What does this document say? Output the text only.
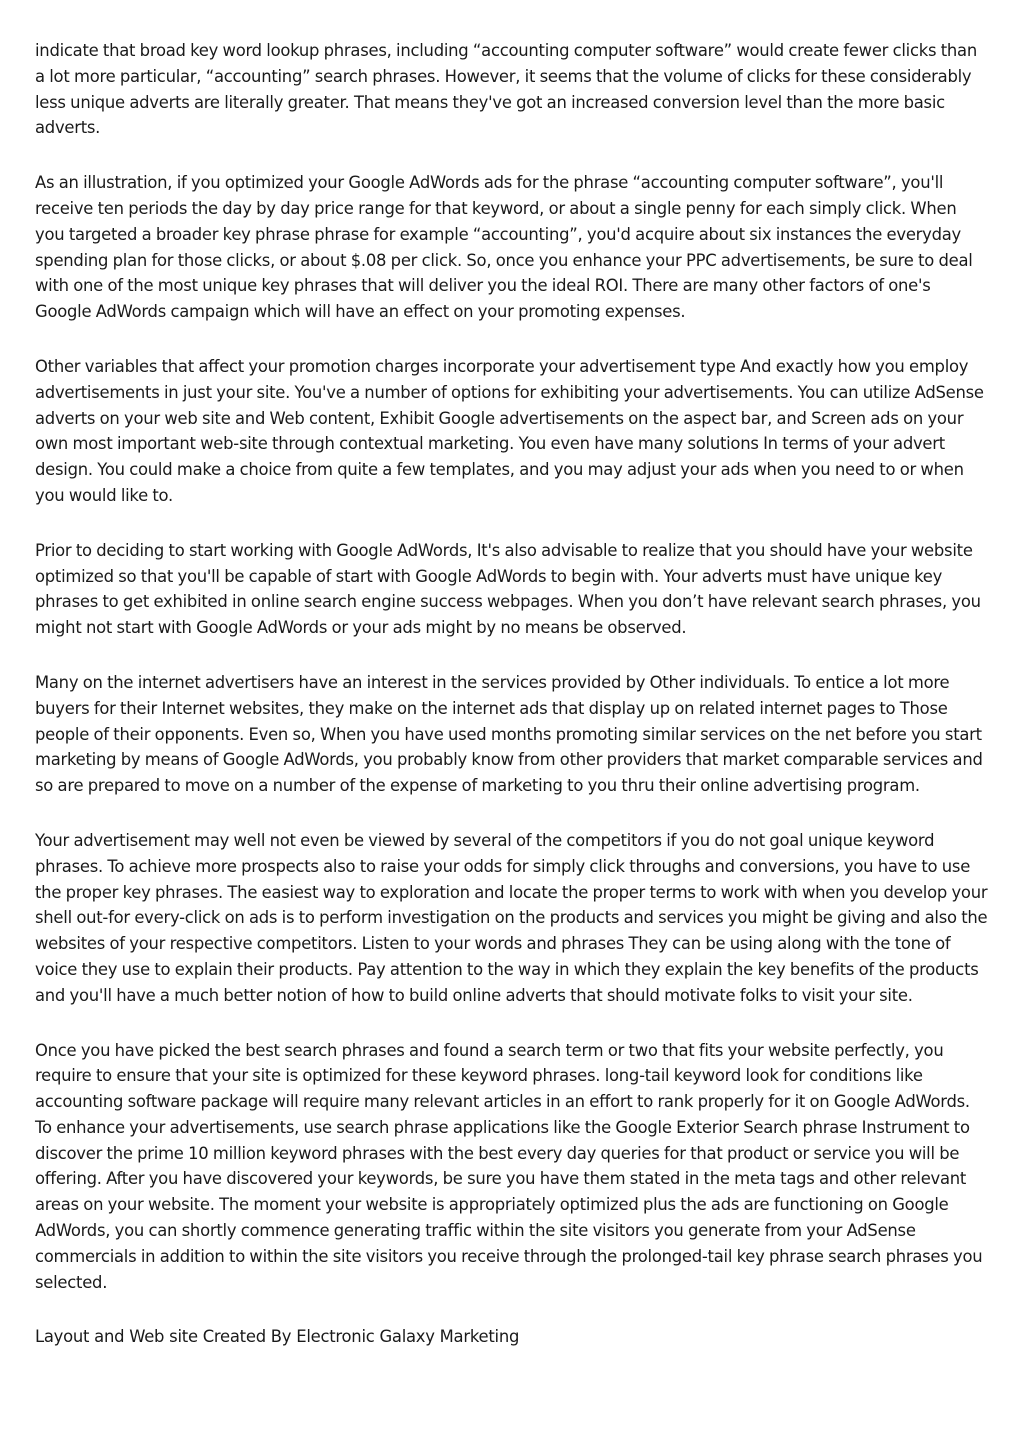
indicate that broad key word lookup phrases, including “accounting computer software” would create fewer clicks than a lot more particular, “accounting” search phrases. However, it seems that the volume of clicks for these considerably less unique adverts are literally greater. That means they've got an increased conversion level than the more basic adverts.

As an illustration, if you optimized your Google AdWords ads for the phrase “accounting computer software”, you'll receive ten periods the day by day price range for that keyword, or about a single penny for each simply click. When you targeted a broader key phrase phrase for example “accounting”, you'd acquire about six instances the everyday spending plan for those clicks, or about $.08 per click. So, once you enhance your PPC advertisements, be sure to deal with one of the most unique key phrases that will deliver you the ideal ROI. There are many other factors of one's Google AdWords campaign which will have an effect on your promoting expenses.

Other variables that affect your promotion charges incorporate your advertisement type And exactly how you employ advertisements in just your site. You've a number of options for exhibiting your advertisements. You can utilize AdSense adverts on your web site and Web content, Exhibit Google advertisements on the aspect bar, and Screen ads on your own most important web-site through contextual marketing. You even have many solutions In terms of your advert design. You could make a choice from quite a few templates, and you may adjust your ads when you need to or when you would like to.

Prior to deciding to start working with Google AdWords, It's also advisable to realize that you should have your website optimized so that you'll be capable of start with Google AdWords to begin with. Your adverts must have unique key phrases to get exhibited in online search engine success webpages. When you don’t have relevant search phrases, you might not start with Google AdWords or your ads might by no means be observed.

Many on the internet advertisers have an interest in the services provided by Other individuals. To entice a lot more buyers for their Internet websites, they make on the internet ads that display up on related internet pages to Those people of their opponents. Even so, When you have used months promoting similar services on the net before you start marketing by means of Google AdWords, you probably know from other providers that market comparable services and so are prepared to move on a number of the expense of marketing to you thru their online advertising program.

Your advertisement may well not even be viewed by several of the competitors if you do not goal unique keyword phrases. To achieve more prospects also to raise your odds for simply click throughs and conversions, you have to use the proper key phrases. The easiest way to exploration and locate the proper terms to work with when you develop your shell out-for every-click on ads is to perform investigation on the products and services you might be giving and also the websites of your respective competitors. Listen to your words and phrases They can be using along with the tone of voice they use to explain their products. Pay attention to the way in which they explain the key benefits of the products and you'll have a much better notion of how to build online adverts that should motivate folks to visit your site.

Once you have picked the best search phrases and found a search term or two that fits your website perfectly, you require to ensure that your site is optimized for these keyword phrases. long-tail keyword look for conditions like accounting software package will require many relevant articles in an effort to rank properly for it on Google AdWords. To enhance your advertisements, use search phrase applications like the Google Exterior Search phrase Instrument to discover the prime 10 million keyword phrases with the best every day queries for that product or service you will be offering. After you have discovered your keywords, be sure you have them stated in the meta tags and other relevant areas on your website. The moment your website is appropriately optimized plus the ads are functioning on Google AdWords, you can shortly commence generating traffic within the site visitors you generate from your AdSense commercials in addition to within the site visitors you receive through the prolonged-tail key phrase search phrases you selected.

Layout and Web site Created By Electronic Galaxy Marketing
